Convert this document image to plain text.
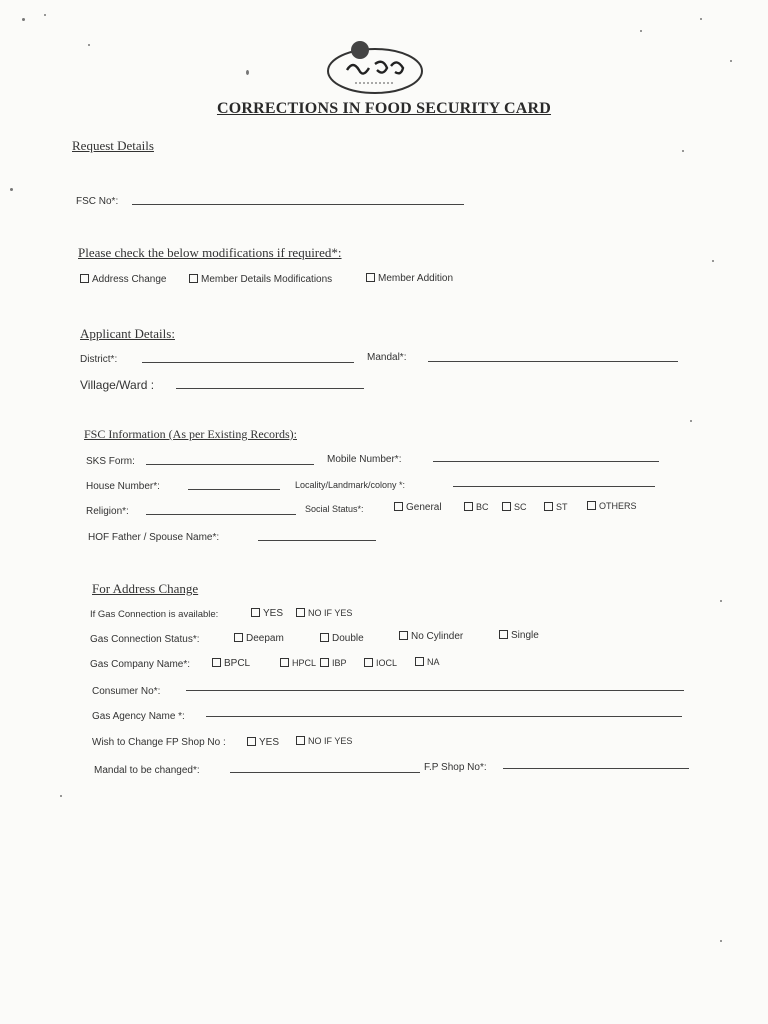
CORRECTIONS IN FOOD SECURITY CARD
Request Details
FSC No*:
Please check the below modifications if required*:
Address Change	Member Details Modifications	Member Addition
Applicant Details:
District*:	Mandal*:
Village/Ward :
FSC Information (As per Existing Records):
SKS Form:	Mobile Number*:
House Number*:	Locality/Landmark/colony *:
Religion*:	Social Status*:	General	BC	SC	ST	OTHERS
HOF Father / Spouse Name*:
For Address Change
If Gas Connection is available:	YES	NO IF YES
Gas Connection Status*:	Deepam	Double	No Cylinder	Single
Gas Company Name*:	BPCL	HPCL	IBP	IOCL	NA
Consumer No*:
Gas Agency Name *:
Wish to Change FP Shop No :	YES	NO IF YES
Mandal to be changed*:	F.P Shop No*:
